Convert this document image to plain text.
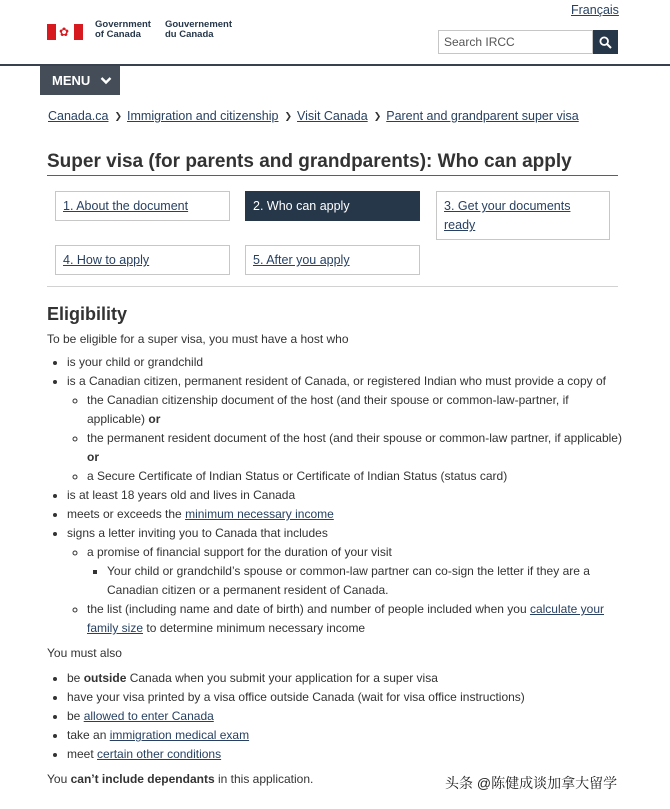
Français
✿
Government
of Canada
Gouvernement
du Canada
Search IRCC
MENU
Canada.ca ❯ Immigration and citizenship ❯ Visit Canada ❯ Parent and grandparent super visa
Super visa (for parents and grandparents): Who can apply
1. About the document	2. Who can apply	3. Get your documents ready
4. How to apply	5. After you apply
Eligibility

To be eligible for a super visa, you must have a host who

• is your child or grandchild
• is a Canadian citizen, permanent resident of Canada, or registered Indian who must provide a copy of
◦ the Canadian citizenship document of the host (and their spouse or common-law-partner, if applicable) or
◦ the permanent resident document of the host (and their spouse or common-law partner, if applicable) or
◦ a Secure Certificate of Indian Status or Certificate of Indian Status (status card)
• is at least 18 years old and lives in Canada
• meets or exceeds the minimum necessary income
• signs a letter inviting you to Canada that includes
◦ a promise of financial support for the duration of your visit
▪ Your child or grandchild’s spouse or common-law partner can co-sign the letter if they are a Canadian citizen or a permanent resident of Canada.
◦ the list (including name and date of birth) and number of people included when you calculate your family size to determine minimum necessary income

You must also

• be outside Canada when you submit your application for a super visa
• have your visa printed by a visa office outside Canada (wait for visa office instructions)
• be allowed to enter Canada
• take an immigration medical exam
• meet certain other conditions

You can’t include dependants in this application.	头条 @陈健成谈加拿大留学
